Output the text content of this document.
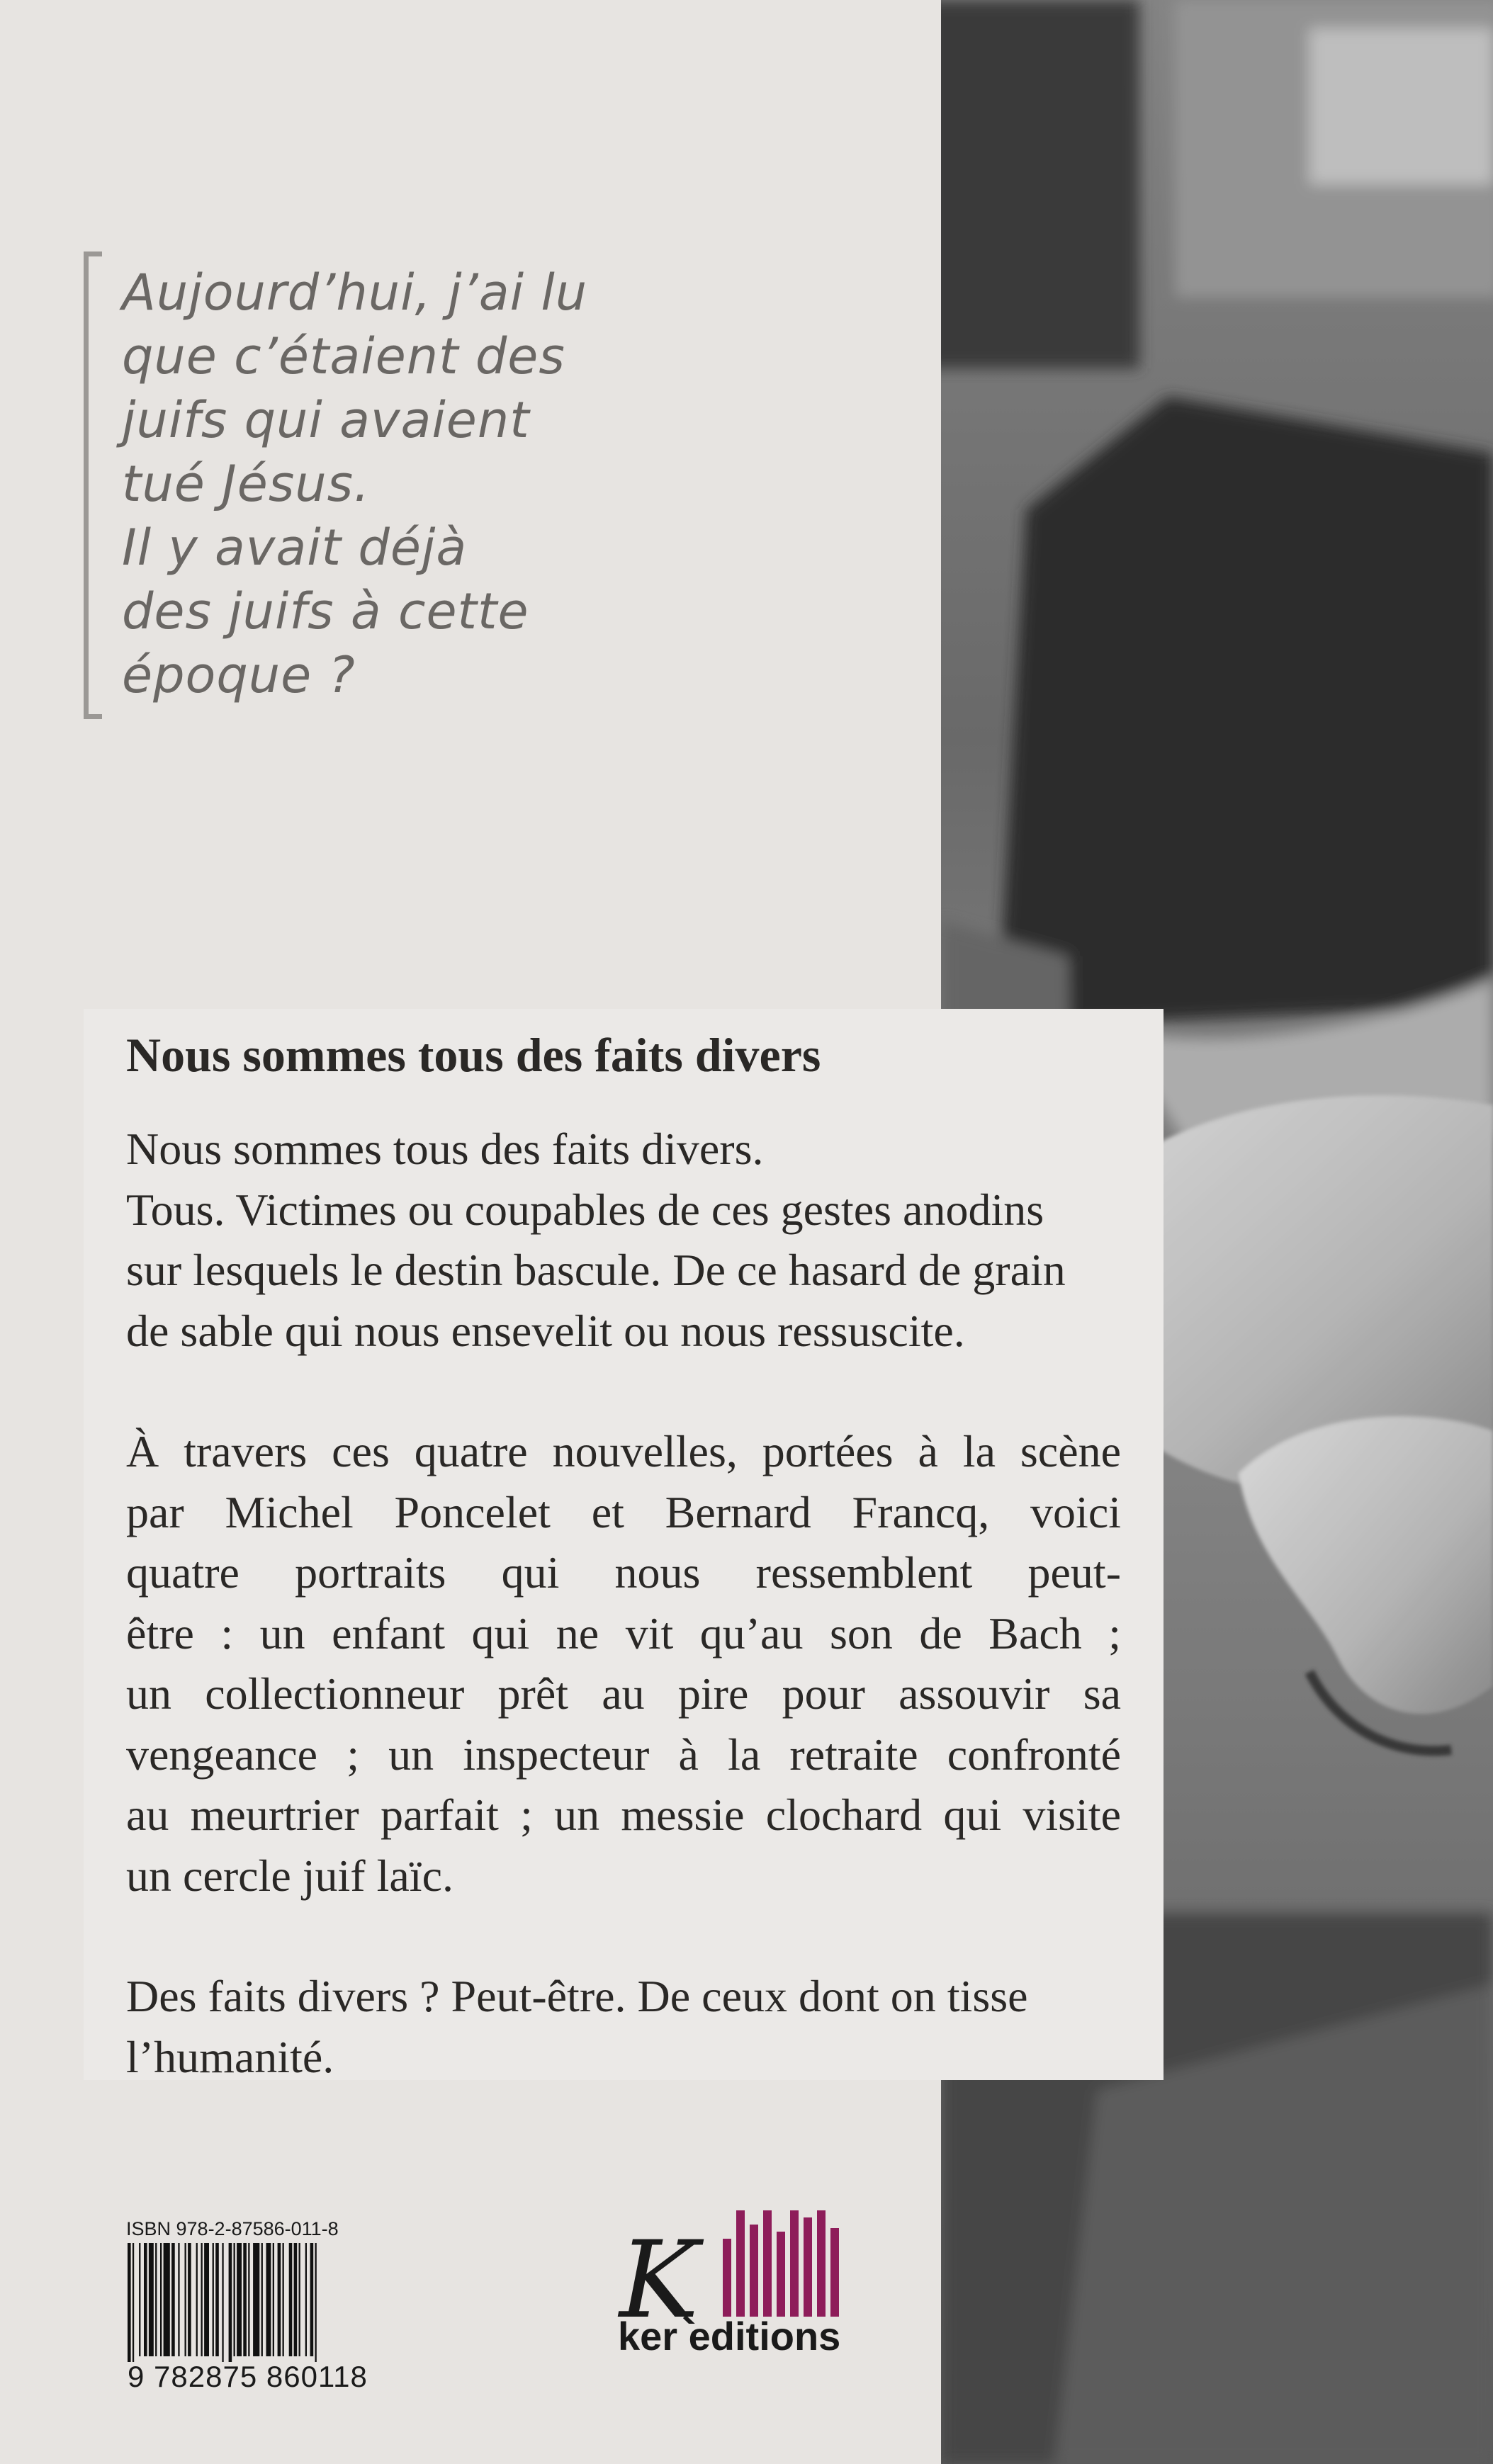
Aujourd’hui, j’ai lu
que c’étaient des
juifs qui avaient
tué Jésus.
Il y avait déjà
des juifs à cette
époque ?

Nous sommes tous des faits divers

Nous sommes tous des faits divers.
Tous. Victimes ou coupables de ces gestes anodins
sur lesquels le destin bascule. De ce hasard de grain
de sable qui nous ensevelit ou nous ressuscite.

À travers ces quatre nouvelles, portées à la scène
par Michel Poncelet et Bernard Francq, voici
quatre portraits qui nous ressemblent peut-
être : un enfant qui ne vit qu’au son de Bach ;
un collectionneur prêt au pire pour assouvir sa
vengeance ; un inspecteur à la retraite confronté
au meurtrier parfait ; un messie clochard qui visite
un cercle juif laïc.

Des faits divers ? Peut-être. De ceux dont on tisse
l’humanité.

ISBN 978-2-87586-011-8
9 782875 860118
K
ker editions
